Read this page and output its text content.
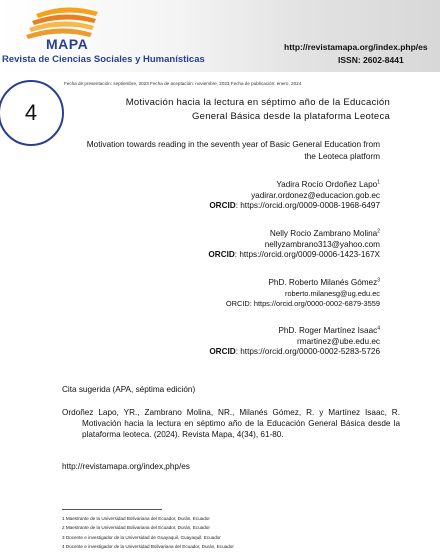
MAPA
Revista de Ciencias Sociales y Humanísticas
http://revistamapa.org/index.php/es
ISSN: 2602-8441
4
Fecha de presentación: septiembre, 2023 Fecha de aceptación: noviembre, 2023 Fecha de publicación: enero, 2024
Motivación hacia la lectura en séptimo año de la Educación
General Básica desde la plataforma Leoteca
Motivation towards reading in the seventh year of Basic General Education from
the Leoteca platform
Yadira Rocío Ordoñez Lapo$^1$
yadirar.ordonez@educacion.gob.ec
ORCID: https://orcid.org/0009-0008-1968-6497
Nelly Rocio Zambrano Molina$^2$
nellyzambrano313@yahoo.com
ORCID: https://orcid.org/0009-0006-1423-167X
PhD. Roberto Milanés Gómez$^3$
roberto.milanesg@ug.edu.ec
ORCID: https://orcid.org/0000-0002-6879-3559
PhD. Roger Martínez Isaac$^4$
rmartinez@ube.edu.ec
ORCID: https://orcid.org/0000-0002-5283-5726
Cita sugerida (APA, séptima edición)
Ordoñez Lapo, YR., Zambrano Molina, NR., Milanés Gómez, R. y Martínez Isaac, R. Motivación hacia la lectura en séptimo año de la Educación General Básica desde la plataforma leoteca. (2024). Revista Mapa, 4(34), 61-80.
http://revistamapa.org/index,php/es
1 Maestrante de la Universidad Bolivariana del Ecuador, Durán, Ecuador
2 Maestrante de la Universidad Bolivariana del Ecuador, Durán, Ecuador
3 Docente e investigador de la Universidad de Guayaquil, Guayaquil. Ecuador
4 Docente e investigador de la Universidad Bolivariana del Ecuador, Durán, Ecuador
